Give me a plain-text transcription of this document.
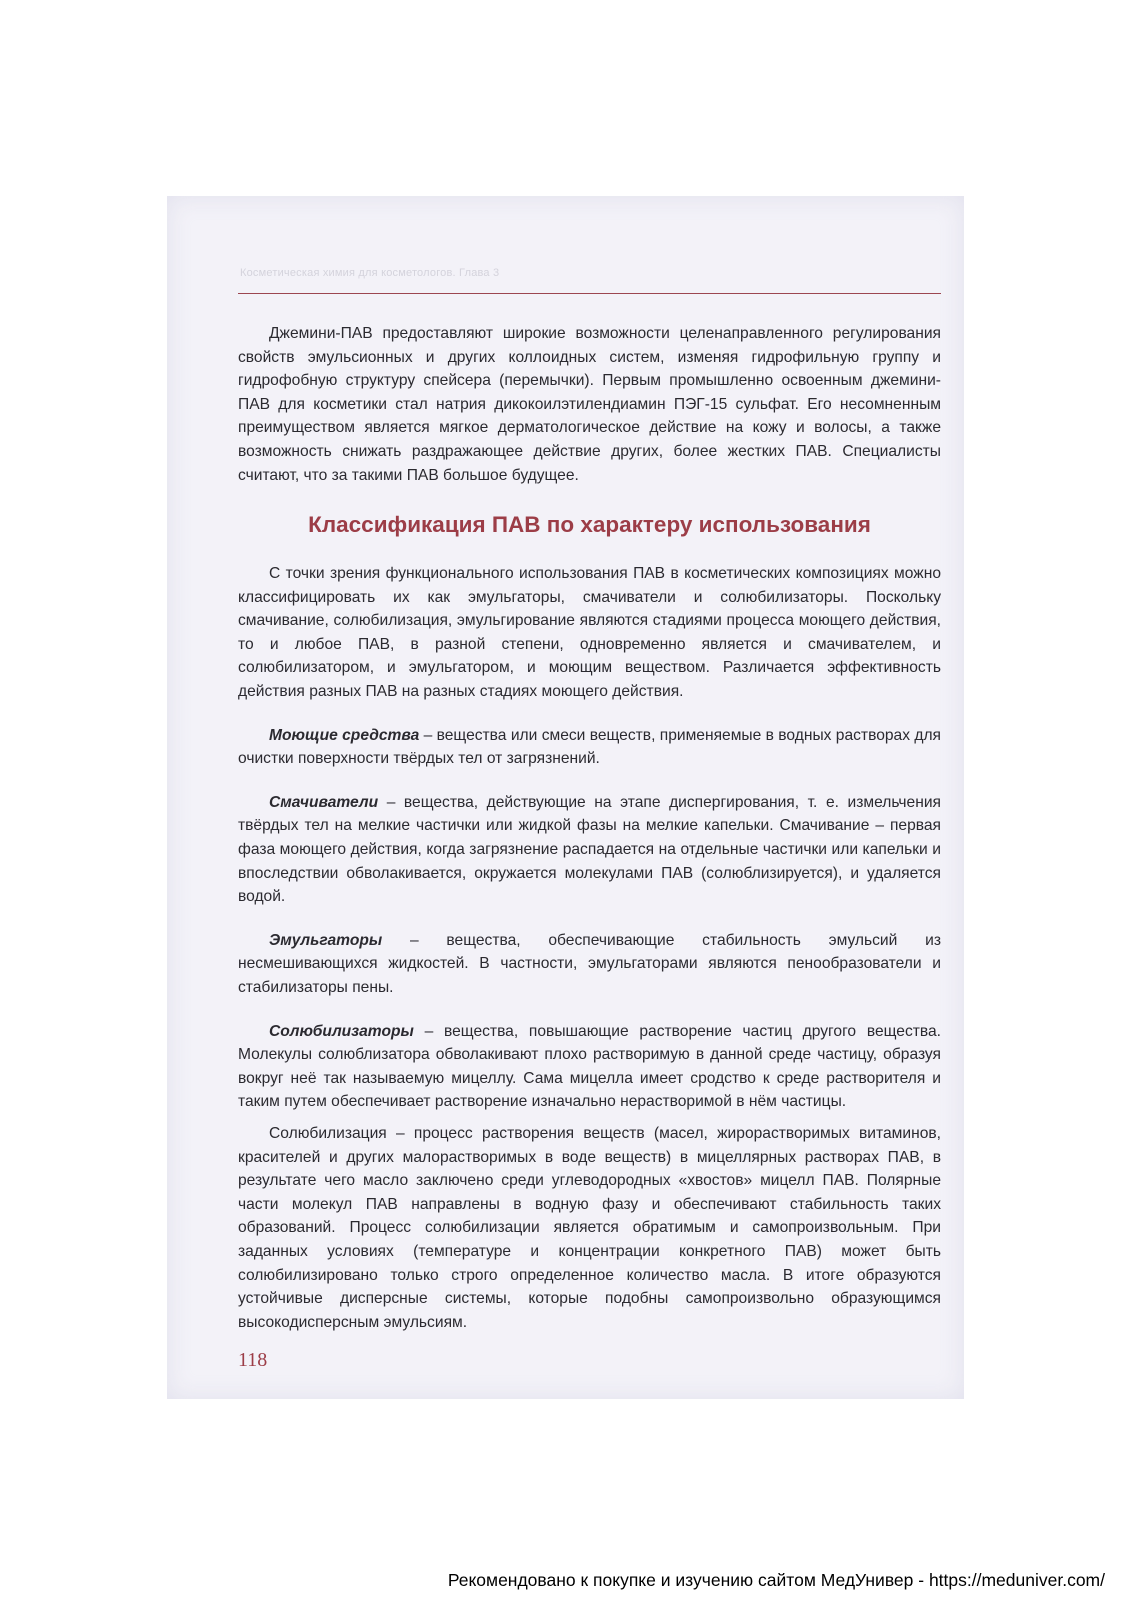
Косметическая химия для косметологов. Глава 3

Джемини-ПАВ предоставляют широкие возможности целенаправленного регулирования свойств эмульсионных и других коллоидных систем, изменяя гидрофильную группу и гидрофобную структуру спейсера (перемычки). Первым промышленно освоенным джемини-ПАВ для косметики стал натрия дикокоилэтилендиамин ПЭГ-15 сульфат. Его несомненным преимуществом является мягкое дерматологическое действие на кожу и волосы, а также возможность снижать раздражающее действие других, более жестких ПАВ. Специалисты считают, что за такими ПАВ большое будущее.

Классификация ПАВ по характеру использования

С точки зрения функционального использования ПАВ в косметических композициях можно классифицировать их как эмульгаторы, смачиватели и солюбилизаторы. Поскольку смачивание, солюбилизация, эмульгирование являются стадиями процесса моющего действия, то и любое ПАВ, в разной степени, одновременно является и смачивателем, и солюбилизатором, и эмульгатором, и моющим веществом. Различается эффективность действия разных ПАВ на разных стадиях моющего действия.

Моющие средства – вещества или смеси веществ, применяемые в водных растворах для очистки поверхности твёрдых тел от загрязнений.

Смачиватели – вещества, действующие на этапе диспергирования, т. е. измельчения твёрдых тел на мелкие частички или жидкой фазы на мелкие капельки. Смачивание – первая фаза моющего действия, когда загрязнение распадается на отдельные частички или капельки и впоследствии обволакивается, окружается молекулами ПАВ (солюблизируется), и удаляется водой.

Эмульгаторы – вещества, обеспечивающие стабильность эмульсий из несмешивающихся жидкостей. В частности, эмульгаторами являются пенообразователи и стабилизаторы пены.

Солюбилизаторы – вещества, повышающие растворение частиц другого вещества. Молекулы солюблизатора обволакивают плохо растворимую в данной среде частицу, образуя вокруг неё так называемую мицеллу. Сама мицелла имеет сродство к среде растворителя и таким путем обеспечивает растворение изначально нерастворимой в нём частицы.

Солюбилизация – процесс растворения веществ (масел, жирорастворимых витаминов, красителей и других малорастворимых в воде веществ) в мицеллярных растворах ПАВ, в результате чего масло заключено среди углеводородных «хвостов» мицелл ПАВ. Полярные части молекул ПАВ направлены в водную фазу и обеспечивают стабильность таких образований. Процесс солюбилизации является обратимым и самопроизвольным. При заданных условиях (температуре и концентрации конкретного ПАВ) может быть солюбилизировано только строго определенное количество масла. В итоге образуются устойчивые дисперсные системы, которые подобны самопроизвольно образующимся высокодисперсным эмульсиям.

118
Рекомендовано к покупке и изучению сайтом МедУнивер - https://meduniver.com/
